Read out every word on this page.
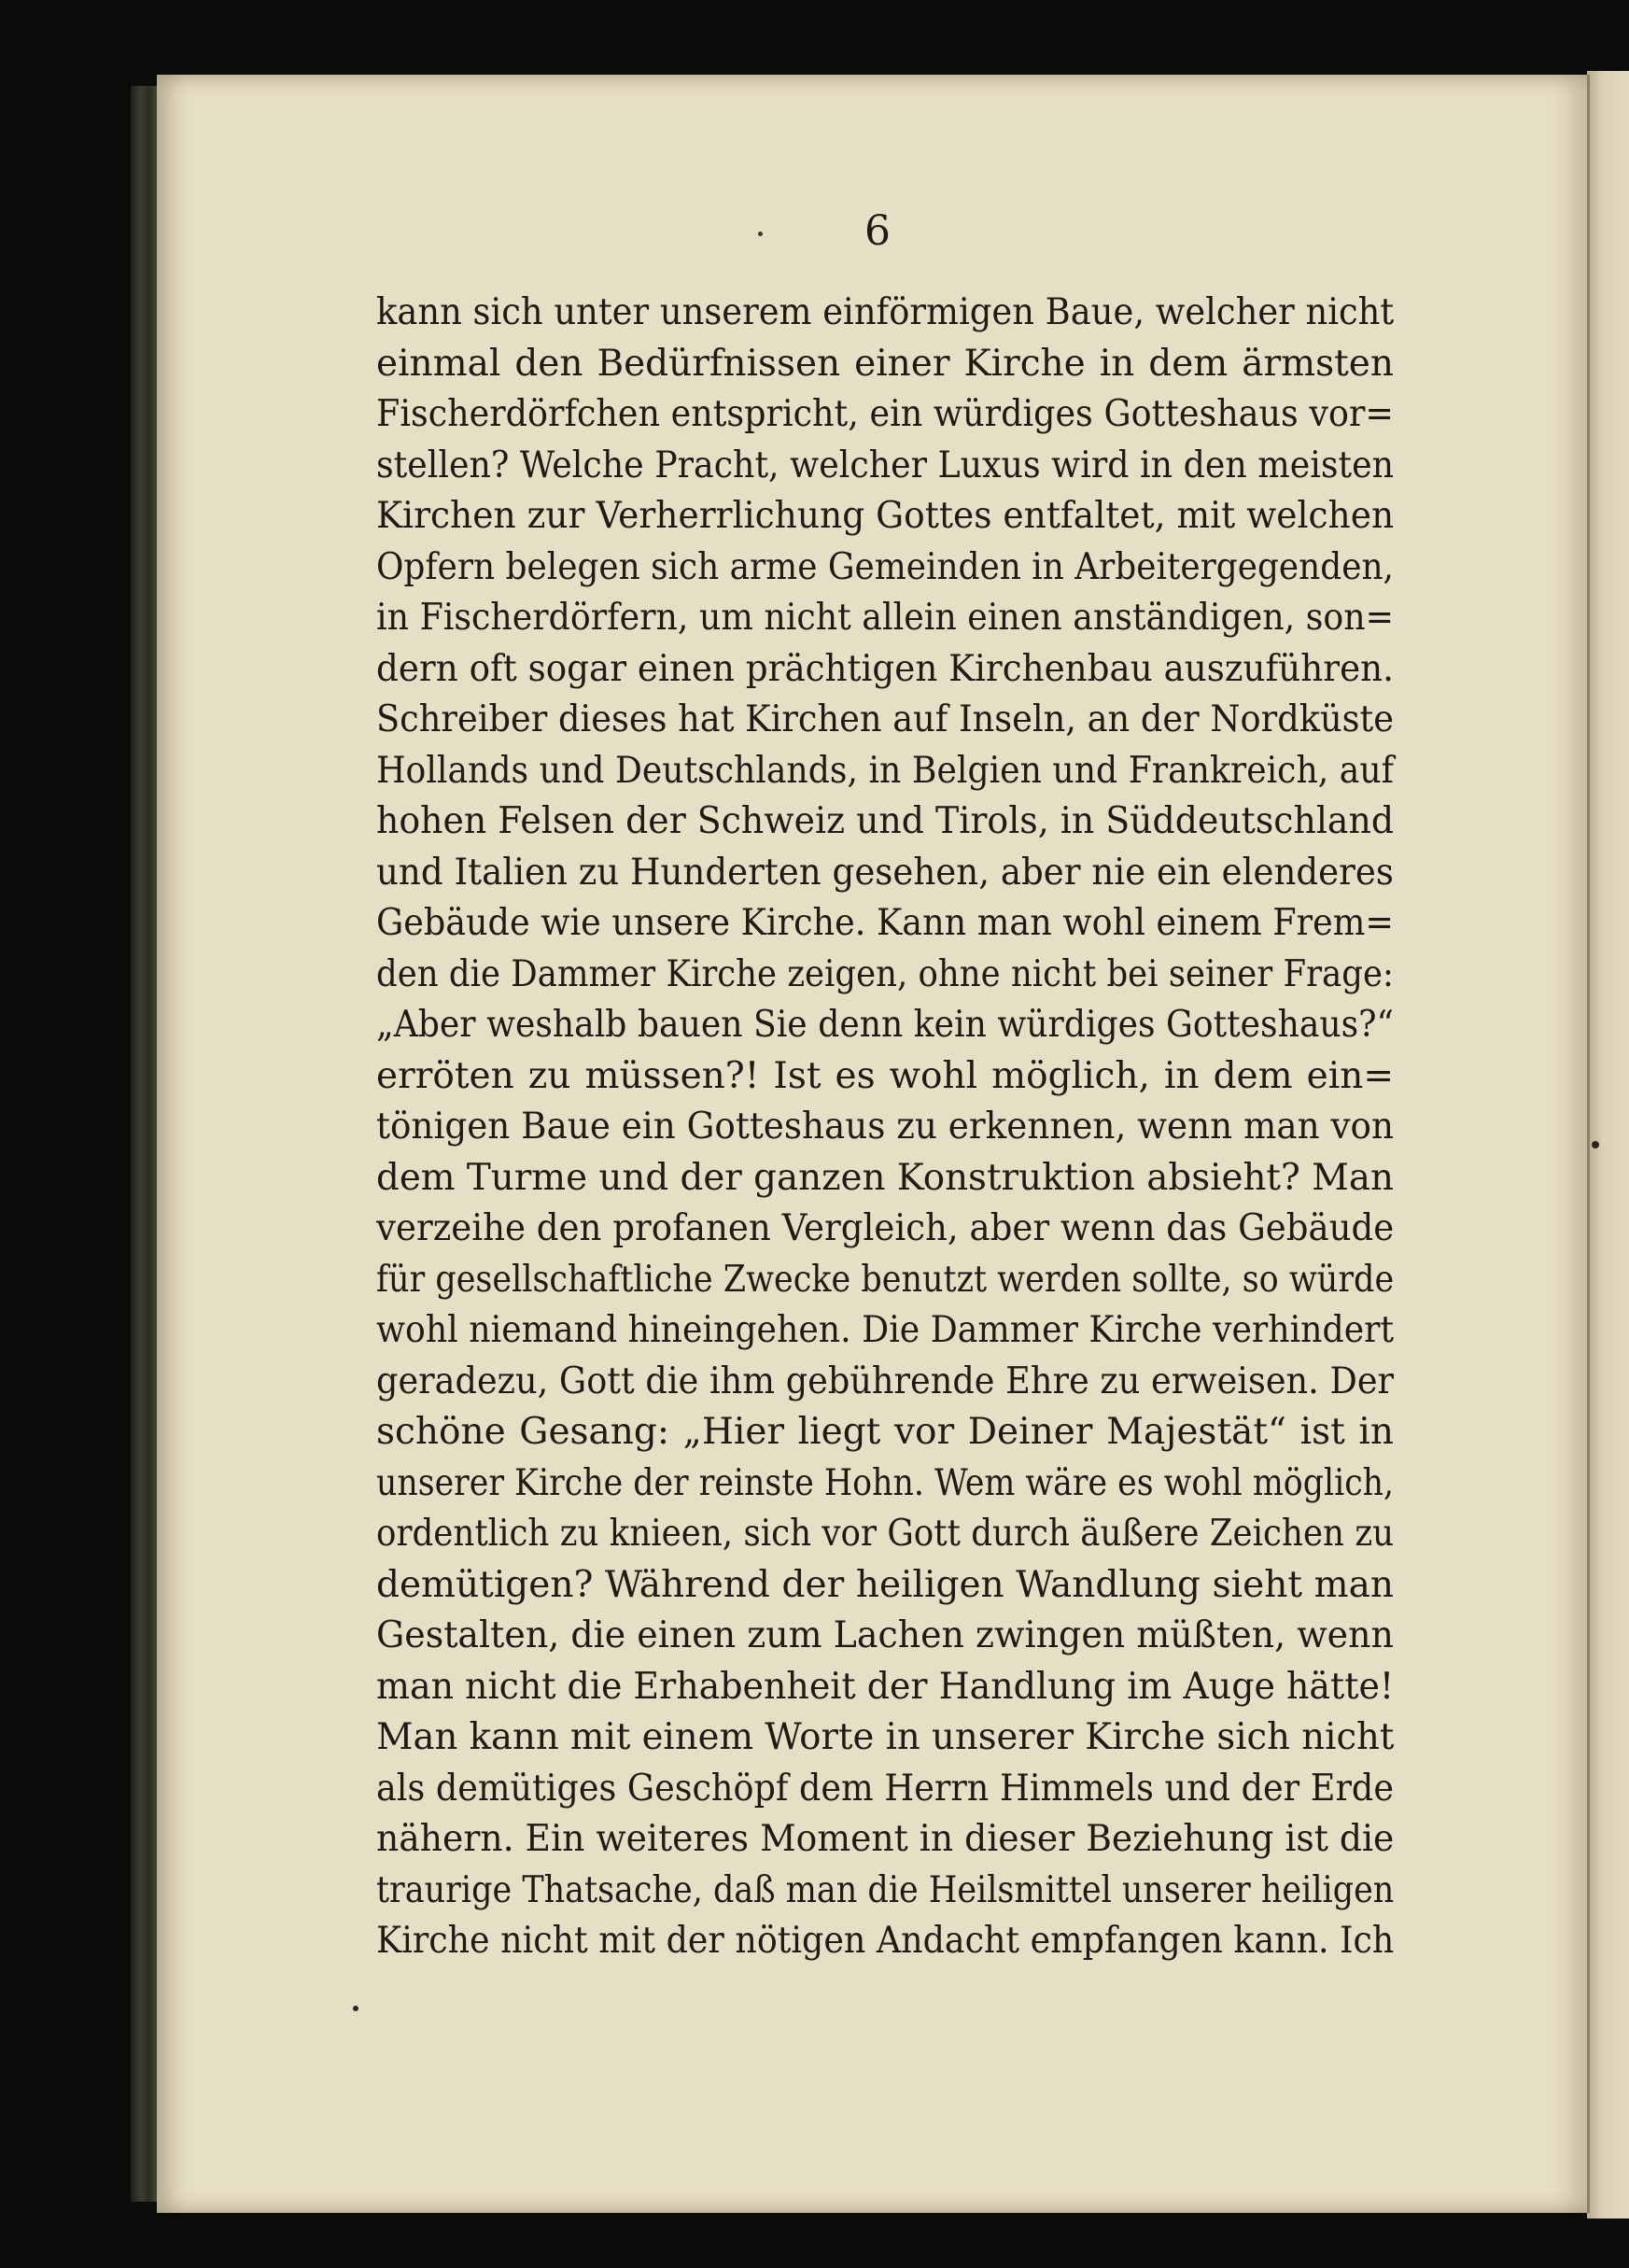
6
kann sich unter unserem einförmigen Baue, welcher nicht
einmal den Bedürfnissen einer Kirche in dem ärmsten
Fischerdörfchen entspricht, ein würdiges Gotteshaus vor=
stellen? Welche Pracht, welcher Luxus wird in den meisten
Kirchen zur Verherrlichung Gottes entfaltet, mit welchen
Opfern belegen sich arme Gemeinden in Arbeitergegenden,
in Fischerdörfern, um nicht allein einen anständigen, son=
dern oft sogar einen prächtigen Kirchenbau auszuführen.
Schreiber dieses hat Kirchen auf Inseln, an der Nordküste
Hollands und Deutschlands, in Belgien und Frankreich, auf
hohen Felsen der Schweiz und Tirols, in Süddeutschland
und Italien zu Hunderten gesehen, aber nie ein elenderes
Gebäude wie unsere Kirche. Kann man wohl einem Frem=
den die Dammer Kirche zeigen, ohne nicht bei seiner Frage:
„Aber weshalb bauen Sie denn kein würdiges Gotteshaus?“
erröten zu müssen?! Ist es wohl möglich, in dem ein=
tönigen Baue ein Gotteshaus zu erkennen, wenn man von
dem Turme und der ganzen Konstruktion absieht? Man
verzeihe den profanen Vergleich, aber wenn das Gebäude
für gesellschaftliche Zwecke benutzt werden sollte, so würde
wohl niemand hineingehen. Die Dammer Kirche verhindert
geradezu, Gott die ihm gebührende Ehre zu erweisen. Der
schöne Gesang: „Hier liegt vor Deiner Majestät“ ist in
unserer Kirche der reinste Hohn. Wem wäre es wohl möglich,
ordentlich zu knieen, sich vor Gott durch äußere Zeichen zu
demütigen? Während der heiligen Wandlung sieht man
Gestalten, die einen zum Lachen zwingen müßten, wenn
man nicht die Erhabenheit der Handlung im Auge hätte!
Man kann mit einem Worte in unserer Kirche sich nicht
als demütiges Geschöpf dem Herrn Himmels und der Erde
nähern. Ein weiteres Moment in dieser Beziehung ist die
traurige Thatsache, daß man die Heilsmittel unserer heiligen
Kirche nicht mit der nötigen Andacht empfangen kann. Ich
